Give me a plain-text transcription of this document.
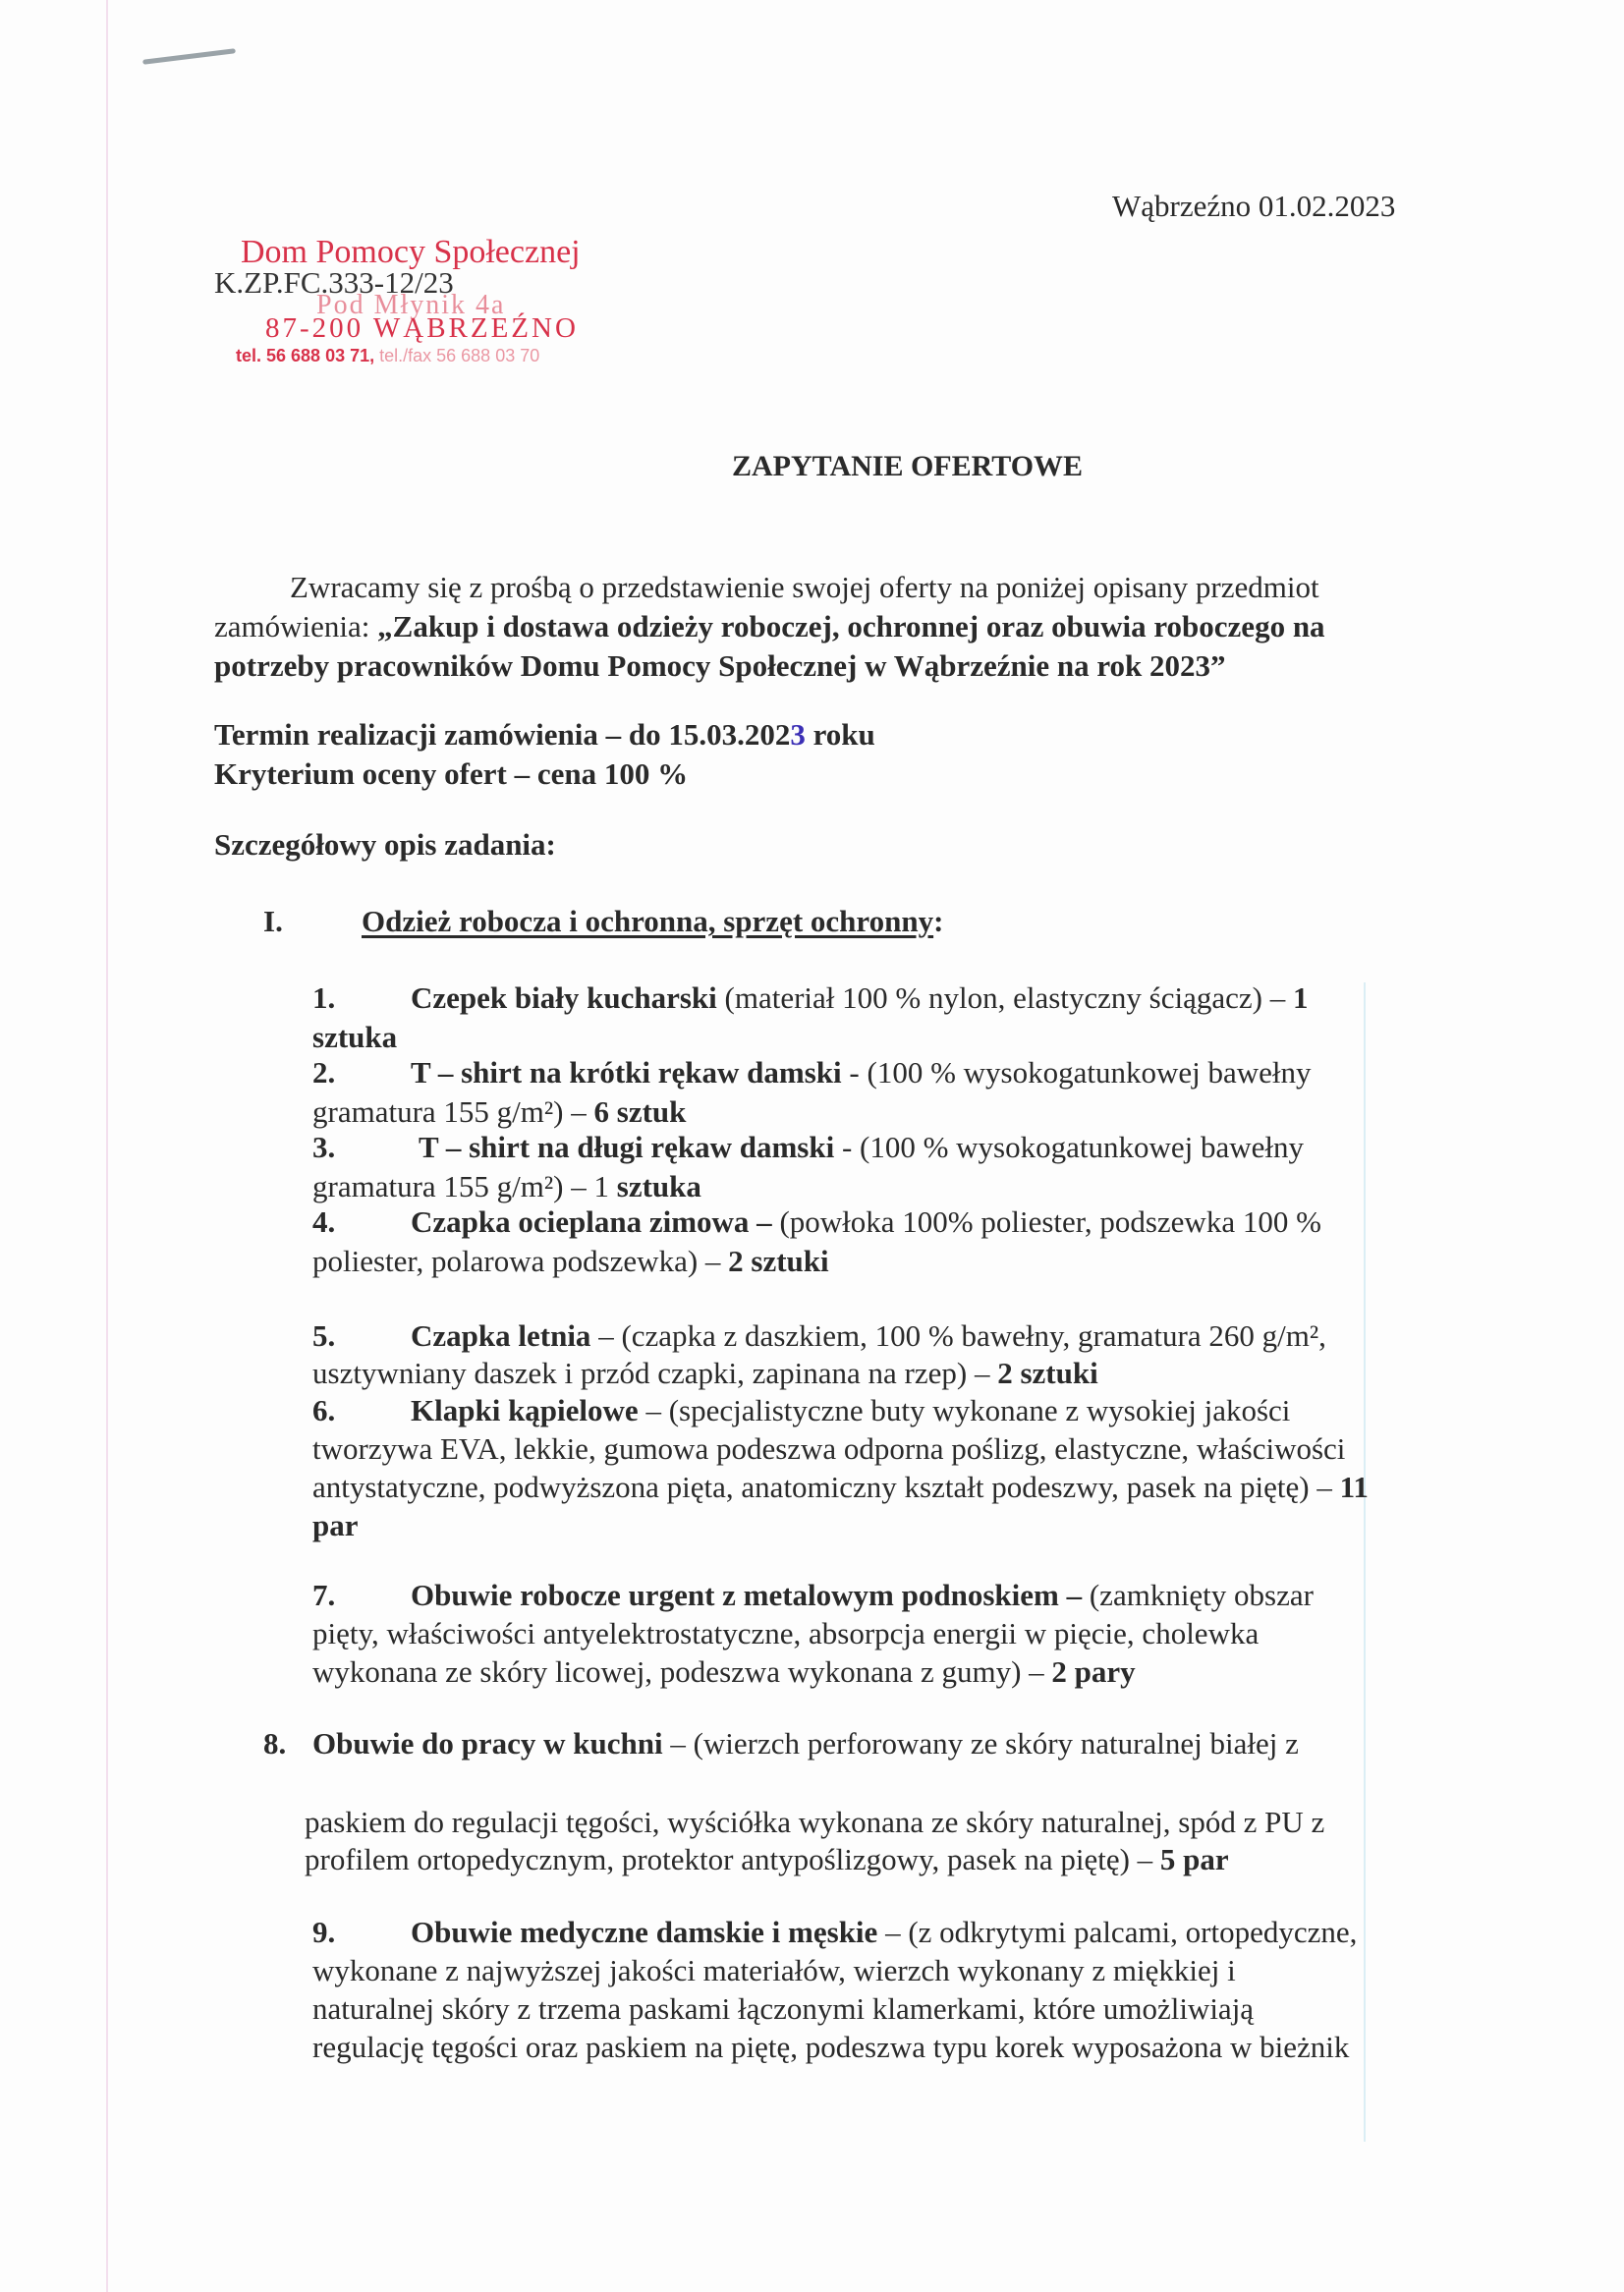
Dom Pomocy Społecznej
Pod Młynik 4a
87-200 WĄBRZEŹNO
tel. 56 688 03 71, tel./fax 56 688 03 70
K.ZP.FC.333-12/23
Wąbrzeźno 01.02.2023
ZAPYTANIE OFERTOWE
Zwracamy się z prośbą o przedstawienie swojej oferty na poniżej opisany przedmiot
zamówienia: „Zakup i dostawa odzieży roboczej, ochronnej oraz obuwia roboczego na
potrzeby pracowników Domu Pomocy Społecznej w Wąbrzeźnie na rok 2023”
Termin realizacji zamówienia – do 15.03.2023 roku
Kryterium oceny ofert – cena 100 %
Szczegółowy opis zadania:
I.	Odzież robocza i ochronna, sprzęt ochronny:
1. Czepek biały kucharski (materiał 100 % nylon, elastyczny ściągacz) – 1
sztuka
2. T – shirt na krótki rękaw damski - (100 % wysokogatunkowej bawełny
gramatura 155 g/m²) – 6 sztuk
3.	T – shirt na długi rękaw damski - (100 % wysokogatunkowej bawełny
gramatura 155 g/m²) – 1 sztuka
4. Czapka ocieplana zimowa – (powłoka 100% poliester, podszewka 100 %
poliester, polarowa podszewka) – 2 sztuki
5. Czapka letnia – (czapka z daszkiem, 100 % bawełny, gramatura 260 g/m²,
usztywniany daszek i przód czapki, zapinana na rzep) – 2 sztuki
6. Klapki kąpielowe – (specjalistyczne buty wykonane z wysokiej jakości
tworzywa EVA, lekkie, gumowa podeszwa odporna poślizg, elastyczne, właściwości
antystatyczne, podwyższona pięta, anatomiczny kształt podeszwy, pasek na piętę) – 11
par
7. Obuwie robocze urgent z metalowym podnoskiem – (zamknięty obszar
pięty, właściwości antyelektrostatyczne, absorpcja energii w pięcie, cholewka
wykonana ze skóry licowej, podeszwa wykonana z gumy) – 2 pary
8. Obuwie do pracy w kuchni – (wierzch perforowany ze skóry naturalnej białej z
paskiem do regulacji tęgości, wyściółka wykonana ze skóry naturalnej, spód z PU z
profilem ortopedycznym, protektor antypoślizgowy, pasek na piętę) – 5 par
9. Obuwie medyczne damskie i męskie – (z odkrytymi palcami, ortopedyczne,
wykonane z najwyższej jakości materiałów, wierzch wykonany z miękkiej i
naturalnej skóry z trzema paskami łączonymi klamerkami, które umożliwiają
regulację tęgości oraz paskiem na piętę, podeszwa typu korek wyposażona w bieżnik
